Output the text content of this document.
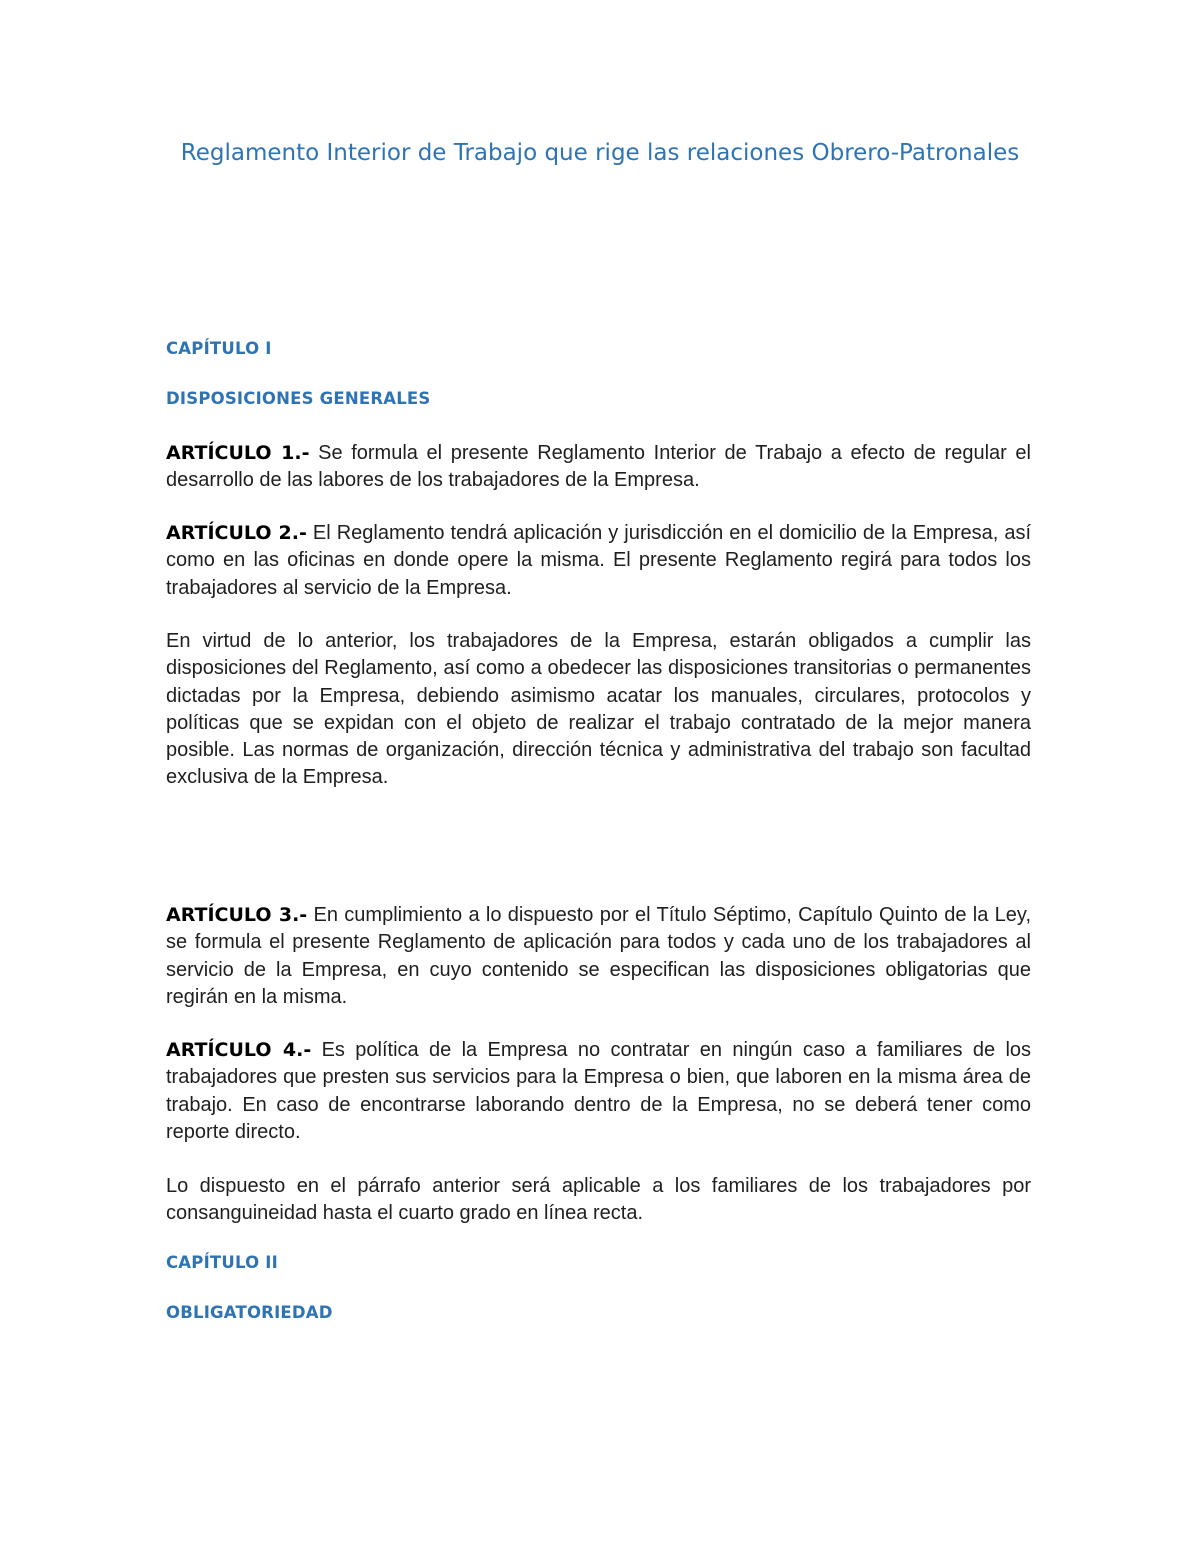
Reglamento Interior de Trabajo que rige las relaciones Obrero-Patronales
CAPÍTULO I
DISPOSICIONES GENERALES

ARTÍCULO 1.- Se formula el presente Reglamento Interior de Trabajo a efecto de regular el desarrollo de las labores de los trabajadores de la Empresa.

ARTÍCULO 2.- El Reglamento tendrá aplicación y jurisdicción en el domicilio de la Empresa, así como en las oficinas en donde opere la misma. El presente Reglamento regirá para todos los trabajadores al servicio de la Empresa.

En virtud de lo anterior, los trabajadores de la Empresa, estarán obligados a cumplir las disposiciones del Reglamento, así como a obedecer las disposiciones transitorias o permanentes dictadas por la Empresa, debiendo asimismo acatar los manuales, circulares, protocolos y políticas que se expidan con el objeto de realizar el trabajo contratado de la mejor manera posible. Las normas de organización, dirección técnica y administrativa del trabajo son facultad exclusiva de la Empresa.

ARTÍCULO 3.- En cumplimiento a lo dispuesto por el Título Séptimo, Capítulo Quinto de la Ley, se formula el presente Reglamento de aplicación para todos y cada uno de los trabajadores al servicio de la Empresa, en cuyo contenido se especifican las disposiciones obligatorias que regirán en la misma.

ARTÍCULO 4.- Es política de la Empresa no contratar en ningún caso a familiares de los trabajadores que presten sus servicios para la Empresa o bien, que laboren en la misma área de trabajo. En caso de encontrarse laborando dentro de la Empresa, no se deberá tener como reporte directo.

Lo dispuesto en el párrafo anterior será aplicable a los familiares de los trabajadores por consanguineidad hasta el cuarto grado en línea recta.

CAPÍTULO II
OBLIGATORIEDAD
